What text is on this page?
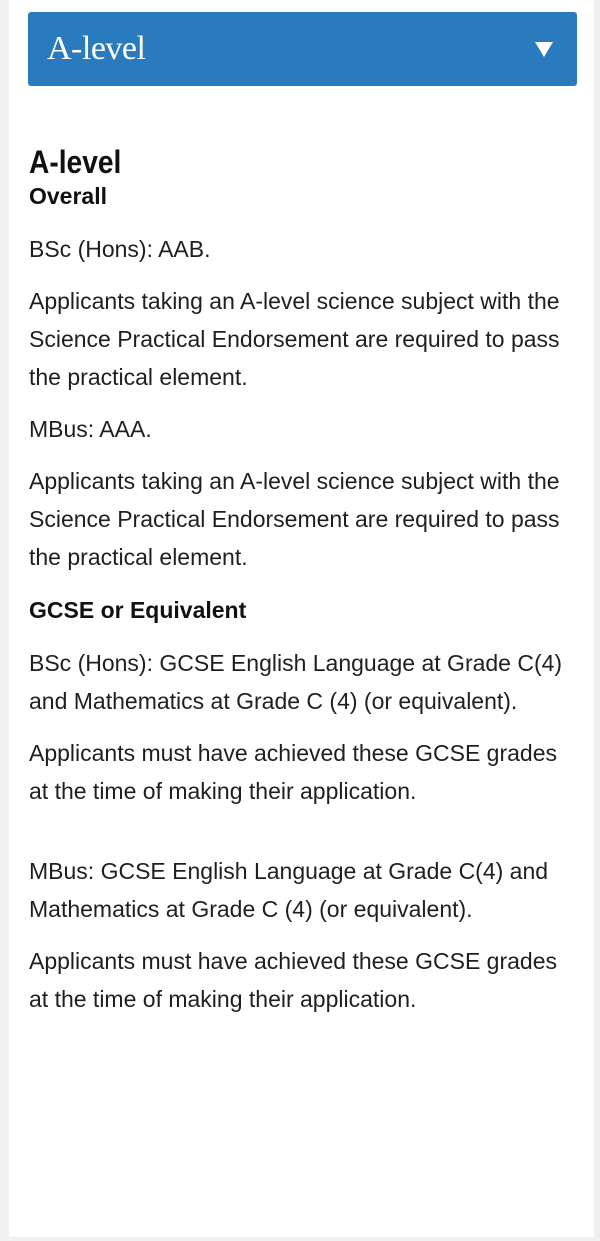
A-level
A-level
Overall

BSc (Hons): AAB.

Applicants taking an A-level science subject with the Science Practical Endorsement are required to pass the practical element.

MBus: AAA.

Applicants taking an A-level science subject with the Science Practical Endorsement are required to pass the practical element.

GCSE or Equivalent

BSc (Hons): GCSE English Language at Grade C(4) and Mathematics at Grade C (4) (or equivalent).

Applicants must have achieved these GCSE grades at the time of making their application.

MBus: GCSE English Language at Grade C(4) and Mathematics at Grade C (4) (or equivalent).

Applicants must have achieved these GCSE grades at the time of making their application.
